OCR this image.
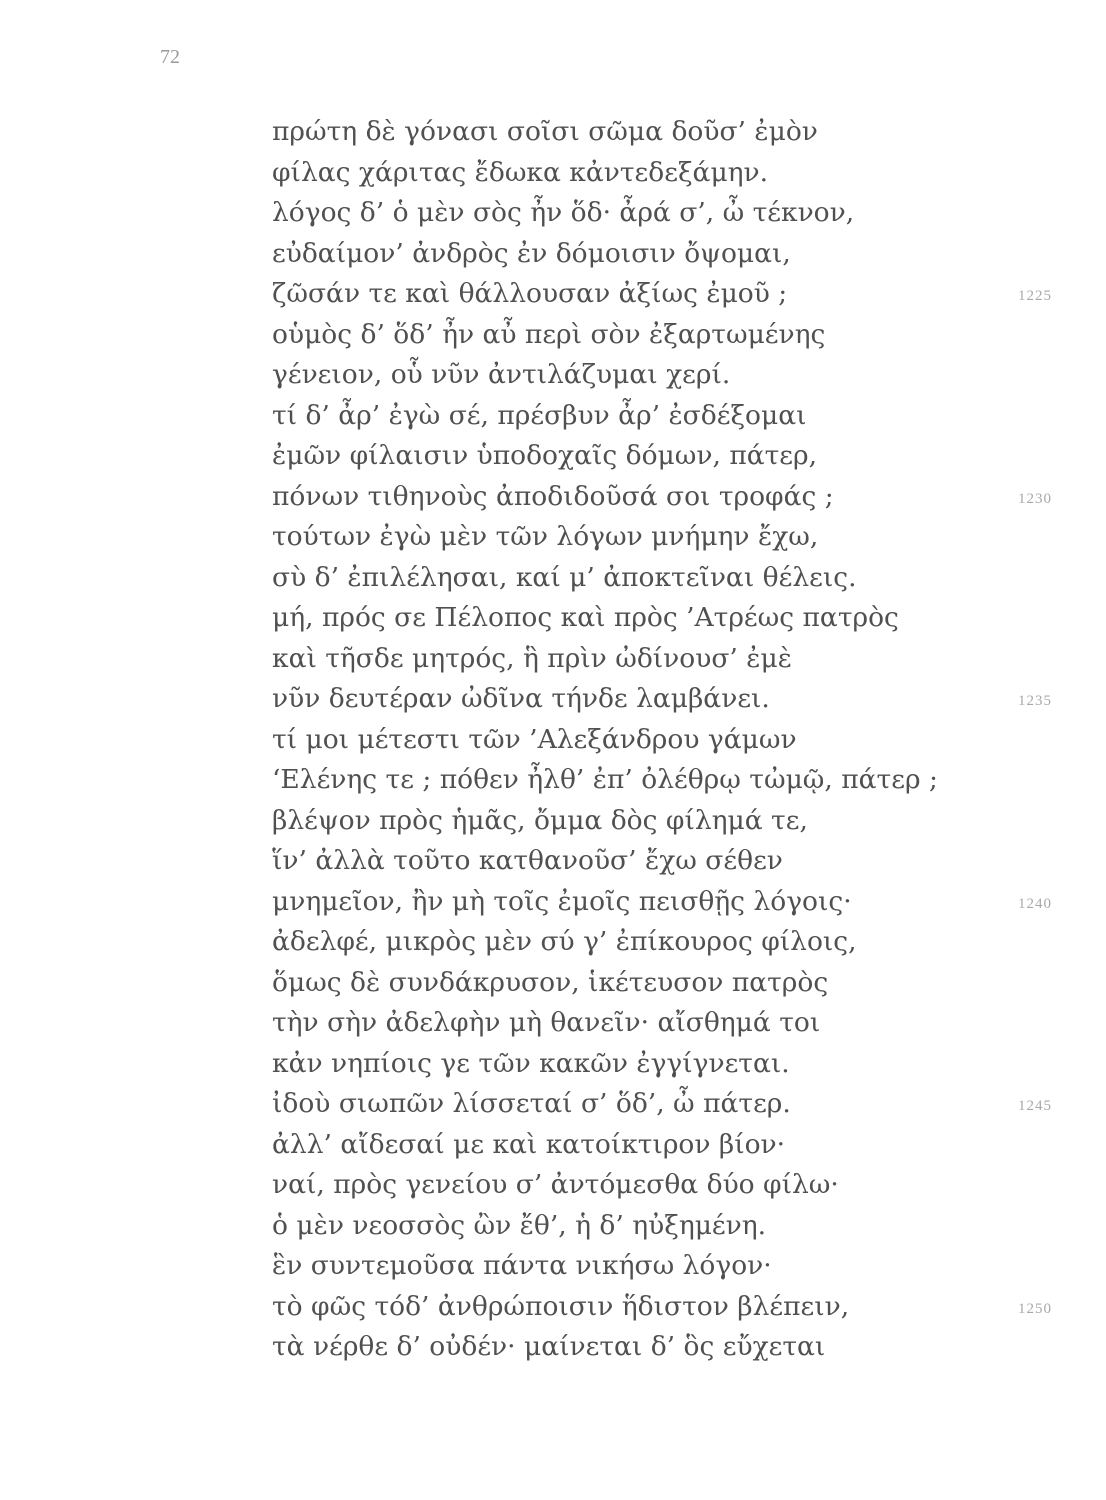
72
πρώτη δὲ γόνασι σοῖσι σῶμα δοῦσ’ ἐμὸν
φίλας χάριτας ἔδωκα κἀντεδεξάμην.
λόγος δ’ ὁ μὲν σὸς ἦν ὅδ· ἆρά σ’, ὦ τέκνον,
εὐδαίμον’ ἀνδρὸς ἐν δόμοισιν ὄψομαι,
ζῶσάν τε καὶ θάλλουσαν ἀξίως ἐμοῦ ;	1225
οὑμὸς δ’ ὅδ’ ἦν αὖ περὶ σὸν ἐξαρτωμένης
γένειον, οὗ νῦν ἀντιλάζυμαι χερί.
τί δ’ ἆρ’ ἐγὼ σέ, πρέσβυν ἆρ’ ἐσδέξομαι
ἐμῶν φίλαισιν ὑποδοχαῖς δόμων, πάτερ,
πόνων τιθηνοὺς ἀποδιδοῦσά σοι τροφάς ;	1230
τούτων ἐγὼ μὲν τῶν λόγων μνήμην ἔχω,
σὺ δ’ ἐπιλέλησαι, καί μ’ ἀποκτεῖναι θέλεις.
μή, πρός σε Πέλοπος καὶ πρὸς ’Ατρέως πατρὸς
καὶ τῆσδε μητρός, ἣ πρὶν ὠδίνουσ’ ἐμὲ
νῦν δευτέραν ὠδῖνα τήνδε λαμβάνει.	1235
τί μοι μέτεστι τῶν ’Αλεξάνδρου γάμων
‘Ελένης τε ; πόθεν ἦλθ’ ἐπ’ ὀλέθρῳ τὠμῷ, πάτερ ;
βλέψον πρὸς ἡμᾶς, ὄμμα δὸς φίλημά τε,
ἵν’ ἀλλὰ τοῦτο κατθανοῦσ’ ἔχω σέθεν
μνημεῖον, ἢν μὴ τοῖς ἐμοῖς πεισθῇς λόγοις·	1240
ἀδελφέ, μικρὸς μὲν σύ γ’ ἐπίκουρος φίλοις,
ὅμως δὲ συνδάκρυσον, ἱκέτευσον πατρὸς
τὴν σὴν ἀδελφὴν μὴ θανεῖν· αἴσθημά τοι
κἀν νηπίοις γε τῶν κακῶν ἐγγίγνεται.
ἰδοὺ σιωπῶν λίσσεταί σ’ ὅδ’, ὦ πάτερ.	1245
ἀλλ’ αἴδεσαί με καὶ κατοίκτιρον βίον·
ναί, πρὸς γενείου σ’ ἀντόμεσθα δύο φίλω·
ὁ μὲν νεοσσὸς ὢν ἔθ’, ἡ δ’ ηὐξημένη.
ἓν συντεμοῦσα πάντα νικήσω λόγον·
τὸ φῶς τόδ’ ἀνθρώποισιν ἥδιστον βλέπειν,	1250
τὰ νέρθε δ’ οὐδέν· μαίνεται δ’ ὃς εὔχεται
